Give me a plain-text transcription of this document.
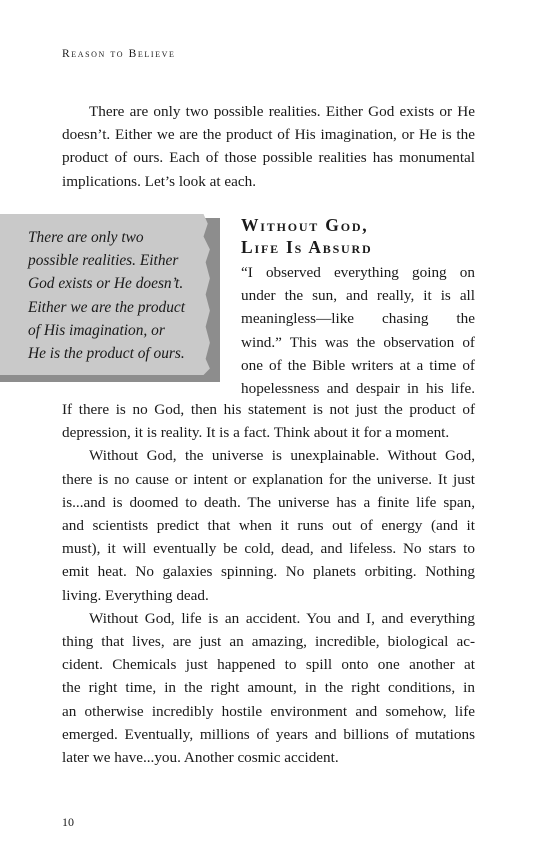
Reason to Believe

There are only two possible realities. Either God exists or He doesn’t. Either we are the product of His imagination, or He is the product of ours. Each of those possible realities has monumental implications. Let’s look at each.

There are only two
possible realities. Either
God exists or He doesn’t.
Either we are the product
of His imagination, or
He is the product of ours.
Without God,
Life Is Absurd

“I observed everything going on
under the sun, and really, it is all
meaningless—like chasing the
wind.” This was the observation of
one of the Bible writers at a time of
hopelessness and despair in his life.

If there is no God, then his statement is not just the product of
depression, it is reality. It is a fact. Think about it for a moment.

Without God, the universe is unexplainable. Without God,
there is no cause or intent or explanation for the universe. It just
is...and is doomed to death. The universe has a finite life span,
and scientists predict that when it runs out of energy (and it
must), it will eventually be cold, dead, and lifeless. No stars to
emit heat. No galaxies spinning. No planets orbiting. Nothing
living. Everything dead.

Without God, life is an accident. You and I, and everything
thing that lives, are just an amazing, incredible, biological ac-
cident. Chemicals just happened to spill onto one another at
the right time, in the right amount, in the right conditions, in
an otherwise incredibly hostile environment and somehow, life
emerged. Eventually, millions of years and billions of mutations
later we have...you. Another cosmic accident.

10
